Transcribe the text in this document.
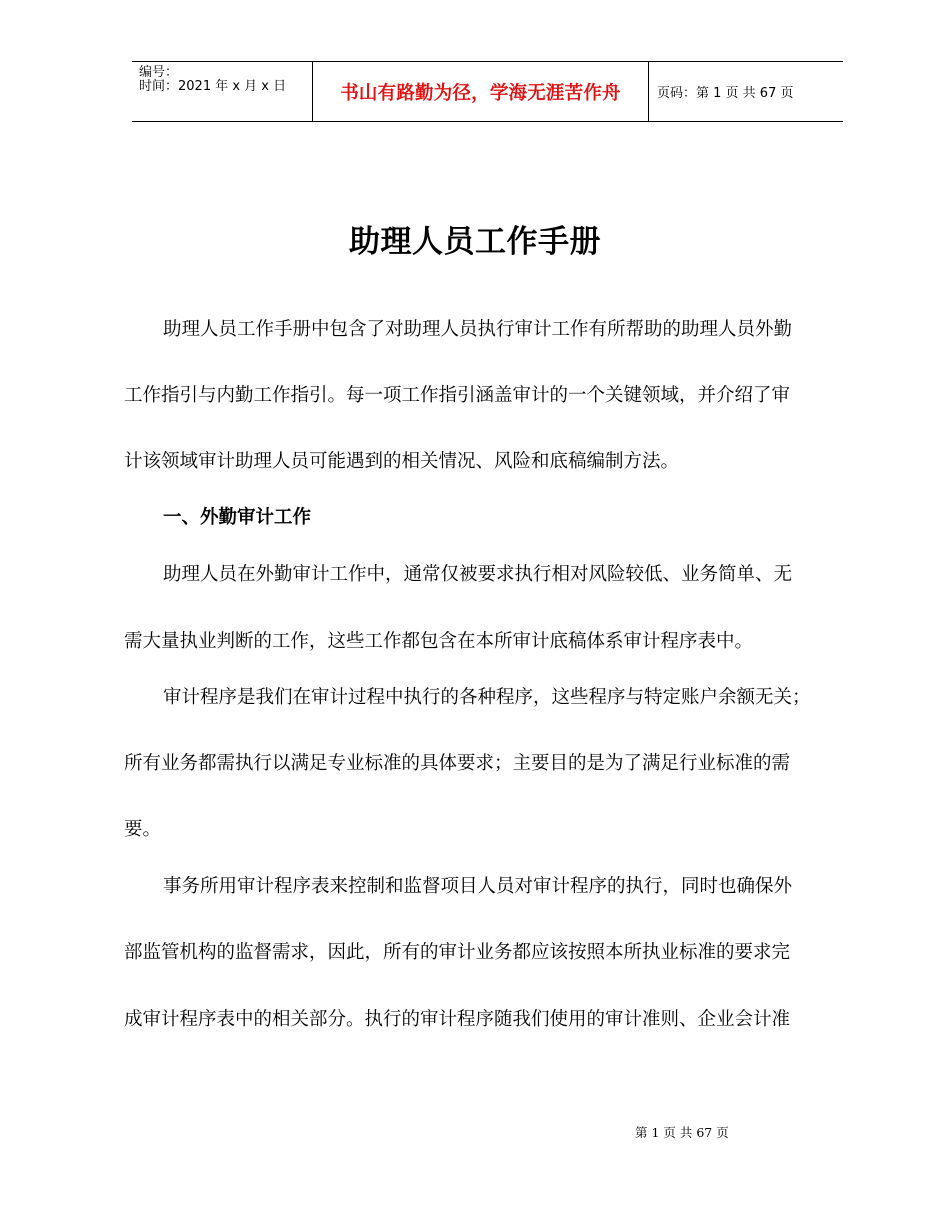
编号：
时间：2021 年 x 月 x 日	书山有路勤为径，学海无涯苦作舟	页码：第 1 页 共 67 页
助理人员工作手册
助理人员工作手册中包含了对助理人员执行审计工作有所帮助的助理人员外勤
工作指引与内勤工作指引。每一项工作指引涵盖审计的一个关键领域，并介绍了审
计该领域审计助理人员可能遇到的相关情况、风险和底稿编制方法。
一、外勤审计工作
助理人员在外勤审计工作中，通常仅被要求执行相对风险较低、业务简单、无
需大量执业判断的工作，这些工作都包含在本所审计底稿体系审计程序表中。
审计程序是我们在审计过程中执行的各种程序，这些程序与特定账户余额无关；
所有业务都需执行以满足专业标准的具体要求；主要目的是为了满足行业标准的需
要。
事务所用审计程序表来控制和监督项目人员对审计程序的执行，同时也确保外
部监管机构的监督需求，因此，所有的审计业务都应该按照本所执业标准的要求完
成审计程序表中的相关部分。执行的审计程序随我们使用的审计准则、企业会计准
第 1 页 共 67 页
